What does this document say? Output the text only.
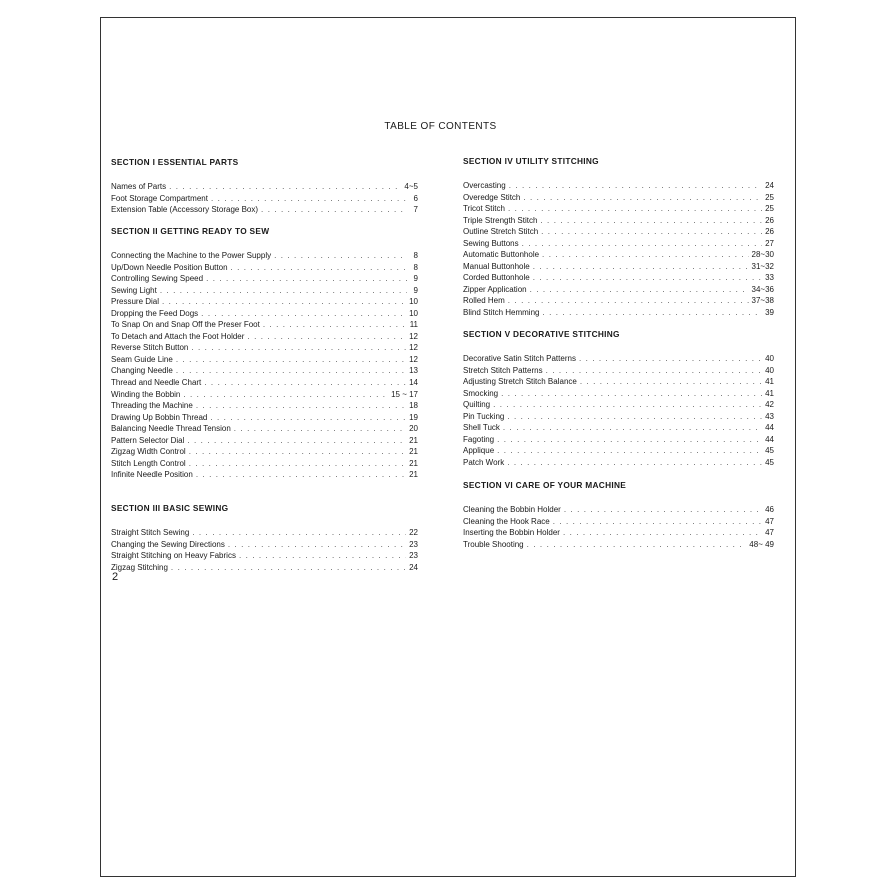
TABLE OF CONTENTS
SECTION I ESSENTIAL PARTS
Names of Parts . . .	4~5
Foot Storage Compartment . . .	6
Extension Table (Accessory Storage Box) . . .	7
SECTION II GETTING READY TO SEW
Connecting the Machine to the Power Supply . . .	8
Up/Down Needle Position Button . . .	8
Controlling Sewing Speed . . .	9
Sewing Light . . .	9
Pressure Dial . . .	10
Dropping the Feed Dogs . . .	10
To Snap On and Snap Off the Preser Foot . . .	11
To Detach and Attach the Foot Holder . . .	12
Reverse Stitch Button . . .	12
Seam Guide Line . . .	12
Changing Needle . . .	13
Thread and Needle Chart . . .	14
Winding the Bobbin . . .	15 ~ 17
Threading the Machine . . .	18
Drawing Up Bobbin Thread . . .	19
Balancing Needle Thread Tension . . .	20
Pattern Selector Dial . . .	21
Zigzag Width Control . . .	21
Stitch Length Control . . .	21
Infinite Needle Position . . .	21
SECTION III BASIC SEWING
Straight Stitch Sewing . . .	22
Changing the Sewing Directions . . .	23
Straight Stitching on Heavy Fabrics . . .	23
Zigzag Stitching . . .	24
SECTION IV UTILITY STITCHING
Overcasting . . .	24
Overedge Stitch . . .	25
Tricot Stitch . . .	25
Triple Strength Stitch . . .	26
Outline Stretch Stitch . . .	26
Sewing Buttons . . .	27
Automatic Buttonhole . . .	28~30
Manual Buttonhole . . .	31~32
Corded Buttonhole . . .	33
Zipper Application . . .	34~36
Rolled Hem . . .	37~38
Blind Stitch Hemming . . .	39
SECTION V DECORATIVE STITCHING
Decorative Satin Stitch Patterns . . .	40
Stretch Stitch Patterns . . .	40
Adjusting Stretch Stitch Balance . . .	41
Smocking . . .	41
Quilting . . .	42
Pin Tucking . . .	43
Shell Tuck . . .	44
Fagoting . . .	44
Applique . . .	45
Patch Work . . .	45
SECTION VI CARE OF YOUR MACHINE
Cleaning the Bobbin Holder . . .	46
Cleaning the Hook Race . . .	47
Inserting the Bobbin Holder . . .	47
Trouble Shooting . . .	48~ 49
2
